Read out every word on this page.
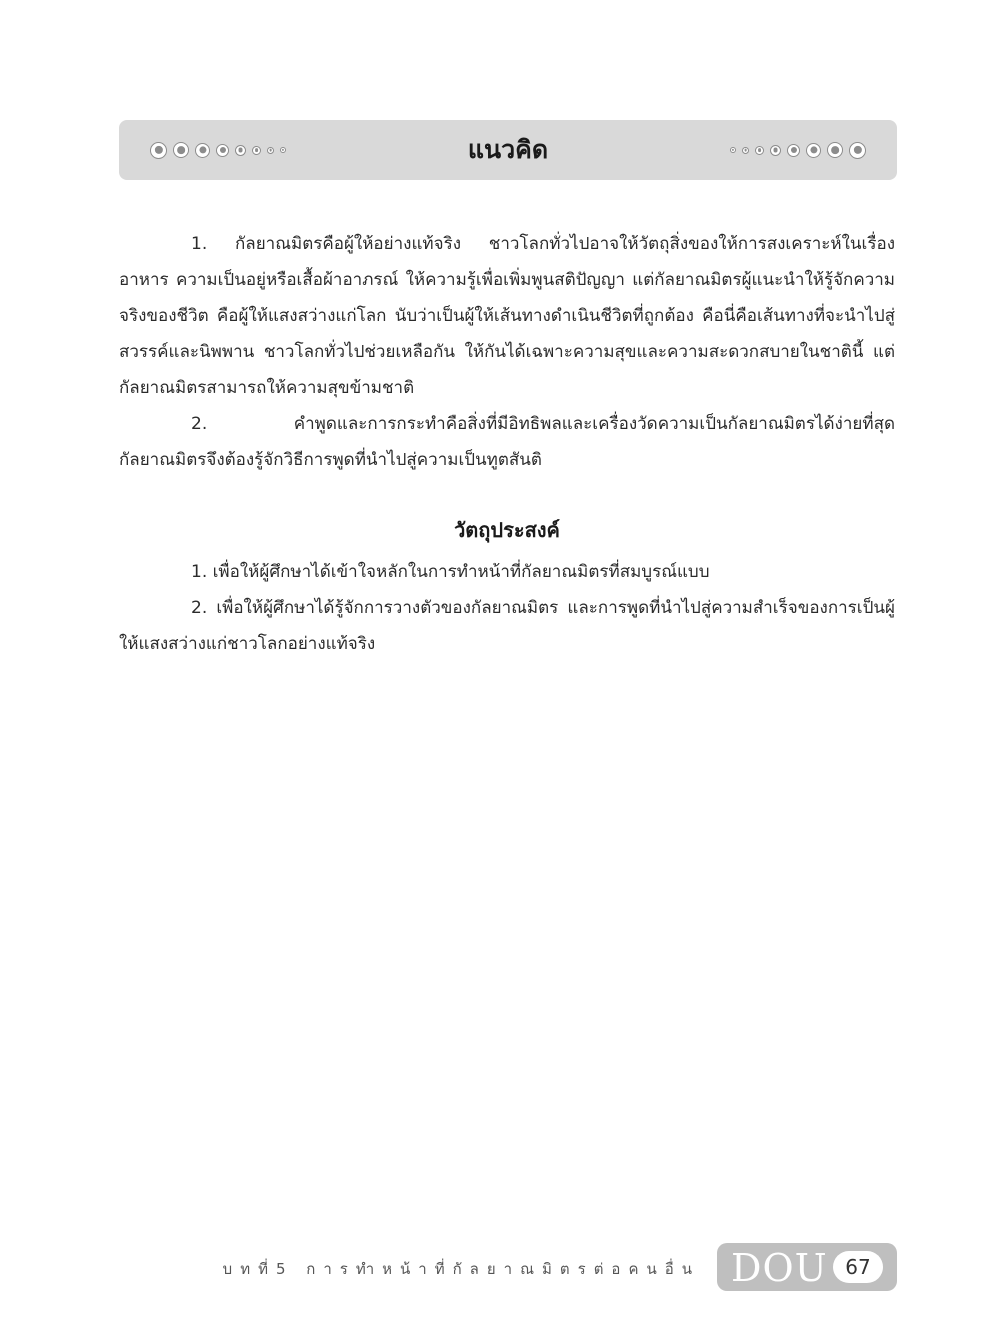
แนวคิด

1. กัลยาณมิตรคือผู้ให้อย่างแท้จริง ชาวโลกทั่วไปอาจให้วัตถุสิ่งของให้การสงเคราะห์ในเรื่องอาหาร ความเป็นอยู่หรือเสื้อผ้าอาภรณ์ ให้ความรู้เพื่อเพิ่มพูนสติปัญญา แต่กัลยาณมิตรผู้แนะนำให้รู้จักความจริงของชีวิต คือผู้ให้แสงสว่างแก่โลก นับว่าเป็นผู้ให้เส้นทางดำเนินชีวิตที่ถูกต้อง คือนี่คือเส้นทางที่จะนำไปสู่สวรรค์และนิพพาน ชาวโลกทั่วไปช่วยเหลือกัน ให้กันได้เฉพาะความสุขและความสะดวกสบายในชาตินี้ แต่กัลยาณมิตรสามารถให้ความสุขข้ามชาติ

2. คำพูดและการกระทำคือสิ่งที่มีอิทธิพลและเครื่องวัดความเป็นกัลยาณมิตรได้ง่ายที่สุด กัลยาณมิตรจึงต้องรู้จักวิธีการพูดที่นำไปสู่ความเป็นทูตสันติ

วัตถุประสงค์

1. เพื่อให้ผู้ศึกษาได้เข้าใจหลักในการทำหน้าที่กัลยาณมิตรที่สมบูรณ์แบบ

2. เพื่อให้ผู้ศึกษาได้รู้จักการวางตัวของกัลยาณมิตร และการพูดที่นำไปสู่ความสำเร็จของการเป็นผู้ให้แสงสว่างแก่ชาวโลกอย่างแท้จริง

บทที่5 การทำหน้าที่กัลยาณมิตรต่อคนอื่น DOU 67
